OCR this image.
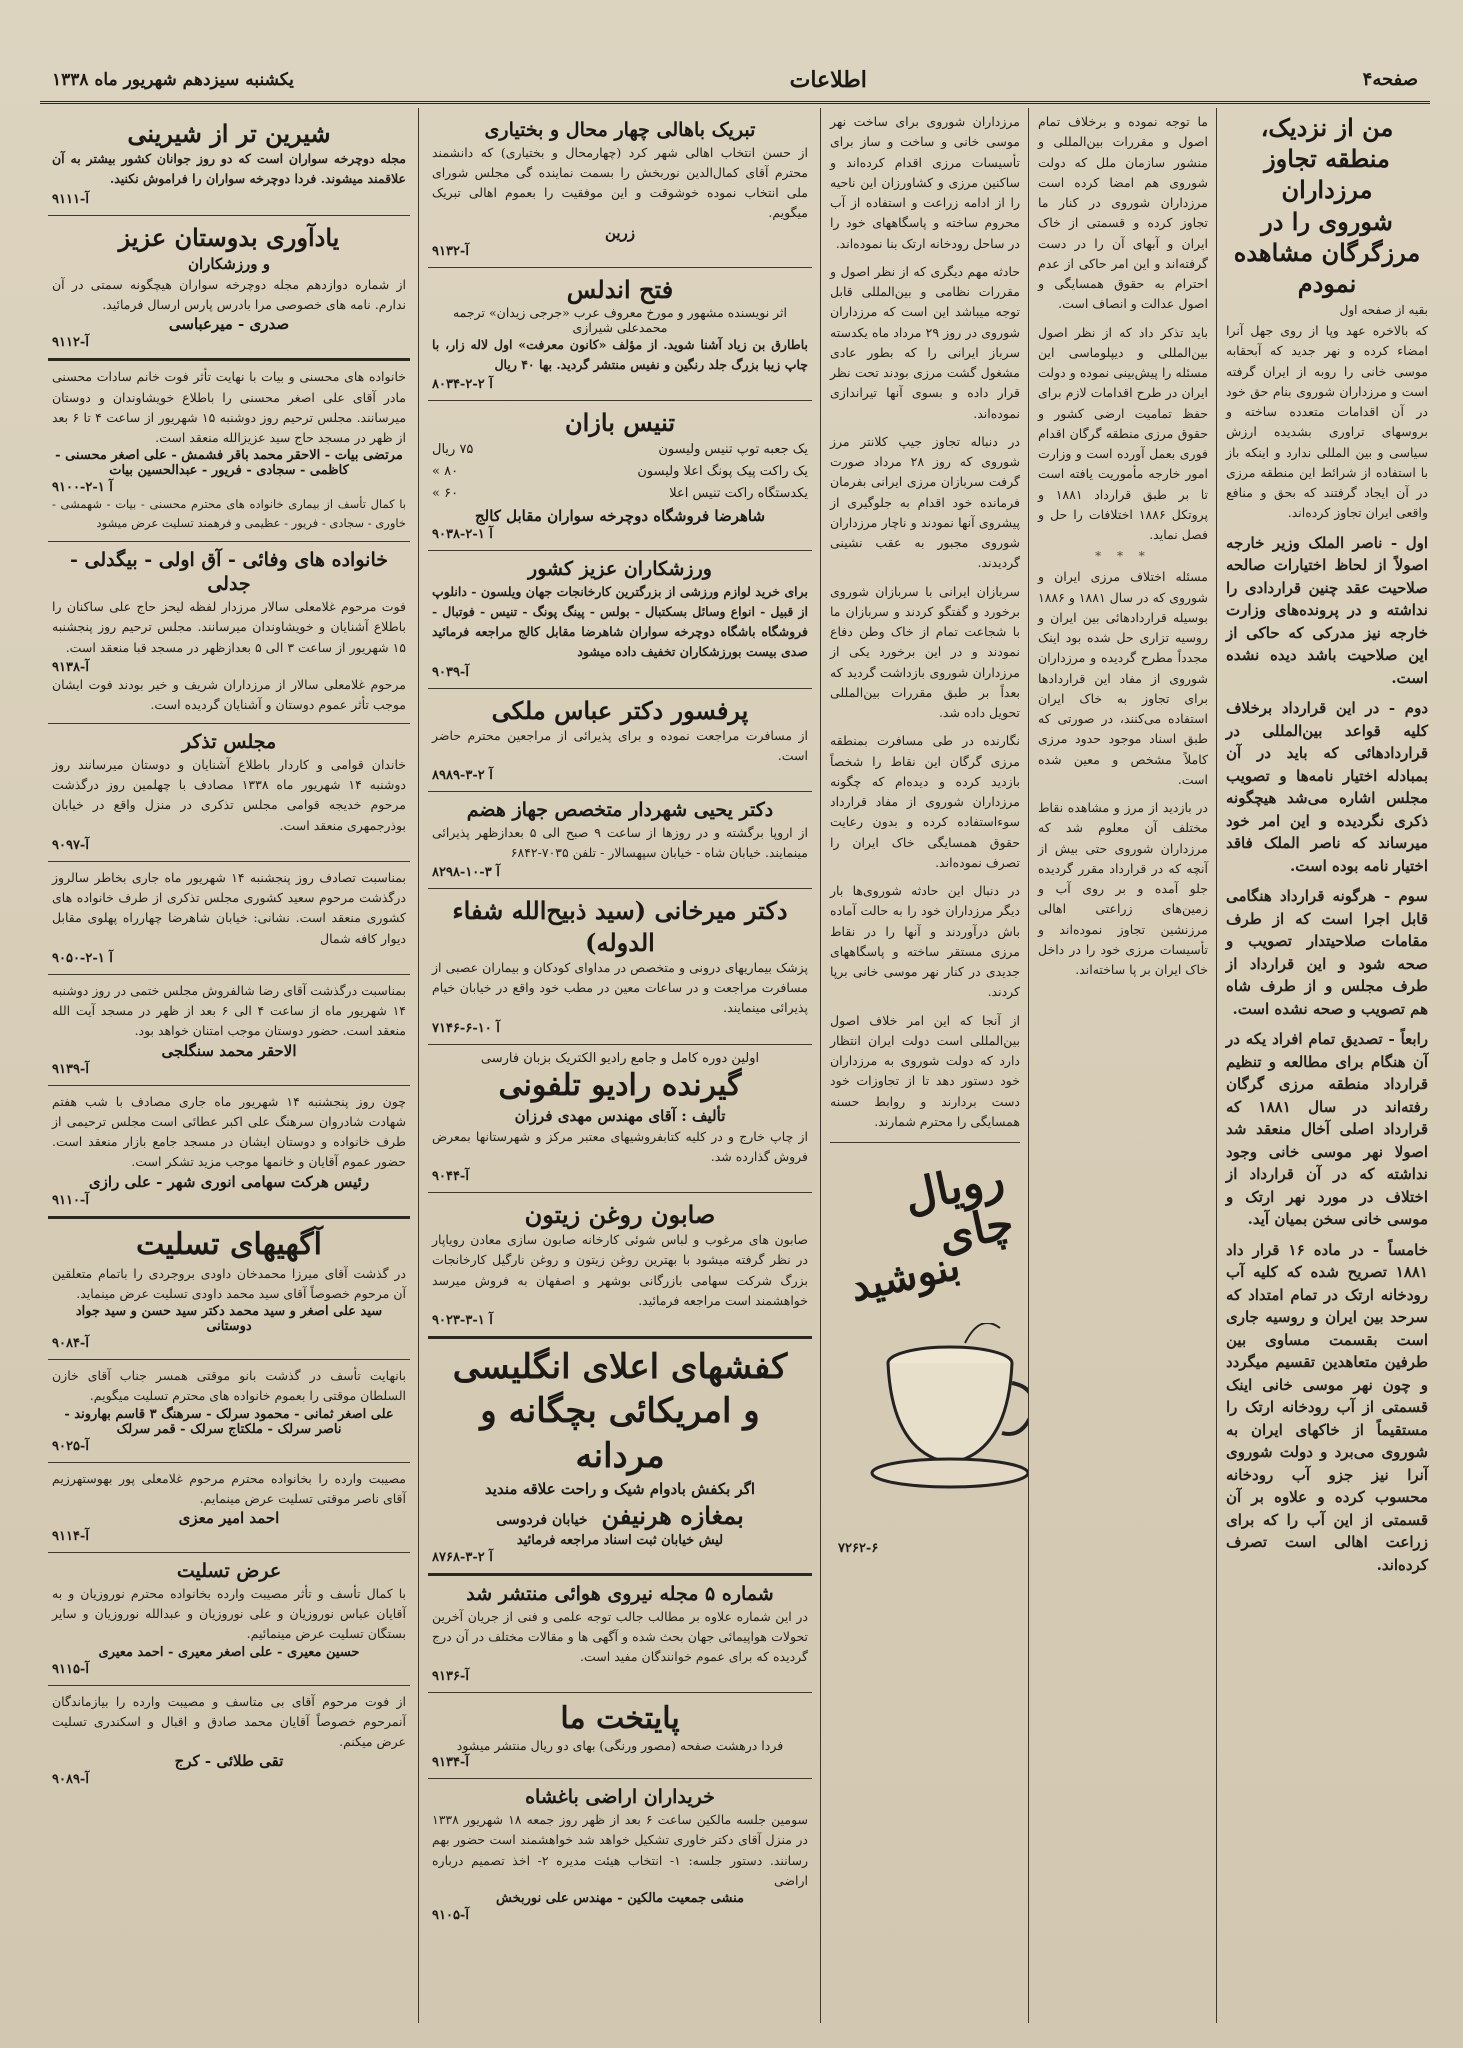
صفحه۴
اطلاعات
یکشنبه سیزدهم شهریور ماه ۱۳۳۸
من از نزدیک، منطقه تجاوز مرزداران
شوروی را در مرزگرگان مشاهده نمودم
بقیه از صفحه اول

که بالاخره عهد وپا از روی جهل آنرا امضاء کرده و نهر جدید که آبحقابه موسی خانی را روبه از ایران گرفته است و مرزداران شوروی بنام حق خود در آن اقدامات متعدده ساخته و بروسهای تراوری بشدیده ارزش سیاسی و بین المللی ندارد و اینکه باز با استفاده از شرائط این منطقه مرزی در آن ایجاد گرفتند که بحق و منافع واقعی ایران تجاوز کرده‌اند.

اول - ناصر الملک وزیر خارجه اصولاً از لحاظ اختیارات صالحه صلاحیت عقد چنین قراردادی را نداشته و در پرونده‌های وزارت خارجه نیز مدرکی که حاکی از این صلاحیت باشد دیده نشده است.

دوم - در این قرارداد برخلاف کلیه قواعد بین‌المللی در قراردادهائی که باید در آن بمبادله اختیار نامه‌ها و تصویب مجلس اشاره می‌شد هیچگونه ذکری نگردیده و این امر خود میرساند که ناصر الملک فاقد اختیار نامه بوده است.

سوم - هرگونه قرارداد هنگامی قابل اجرا است که از طرف مقامات صلاحیتدار تصویب و صحه شود و این قرارداد از طرف مجلس و از طرف شاه هم تصویب و صحه نشده است.

رابعاً - تصدیق تمام افراد یکه در آن هنگام برای مطالعه و تنظیم قرارداد منطقه مرزی گرگان رفته‌اند در سال ۱۸۸۱ که قرارداد اصلی آخال منعقد شد اصولا نهر موسی خانی وجود نداشته که در آن قرارداد از اختلاف در مورد نهر ارتک و موسی خانی سخن بمیان آید.

خامساً - در ماده ۱۶ قرار داد ۱۸۸۱ تصریح شده که کلیه آب رودخانه ارتک در تمام امتداد که سرحد بین ایران و روسیه جاری است بقسمت مساوی بین طرفین متعاهدین تقسیم میگردد و چون نهر موسی خانی اینک قسمتی از آب رودخانه ارتک را مستقیماً از خاکهای ایران به شوروی می‌برد و دولت شوروی آنرا نیز جزو آب رودخانه محسوب کرده و علاوه بر آن قسمتی از این آب را که برای زراعت اهالی است تصرف کرده‌اند.

ما توجه نموده و برخلاف تمام اصول و مقررات بین‌المللی و منشور سازمان ملل که دولت شوروی هم امضا کرده است مرزداران شوروی در کنار ما تجاوز کرده و قسمتی از خاک ایران و آبهای آن را در دست گرفته‌اند و این امر حاکی از عدم احترام به حقوق همسایگی و اصول عدالت و انصاف است.

باید تذکر داد که از نظر اصول بین‌المللی و دیپلوماسی این مسئله را پیش‌بینی نموده و دولت ایران در طرح اقدامات لازم برای حفظ تمامیت ارضی کشور و حقوق مرزی منطقه گرگان اقدام فوری بعمل آورده است و وزارت امور خارجه مأموریت یافته است تا بر طبق قرارداد ۱۸۸۱ و پروتکل ۱۸۸۶ اختلافات را حل و فصل نماید.

* * *

مسئله اختلاف مرزی ایران و شوروی که در سال ۱۸۸۱ و ۱۸۸۶ بوسیله قراردادهائی بین ایران و روسیه تزاری حل شده بود اینک مجدداً مطرح گردیده و مرزداران شوروی از مفاد این قراردادها برای تجاوز به خاک ایران استفاده می‌کنند، در صورتی که طبق اسناد موجود حدود مرزی کاملاً مشخص و معین شده است.

در بازدید از مرز و مشاهده نقاط مختلف آن معلوم شد که مرزداران شوروی حتی بیش از آنچه که در قرارداد مقرر گردیده جلو آمده و بر روی آب و زمین‌های زراعتی اهالی مرزنشین تجاوز نموده‌اند و تأسیسات مرزی خود را در داخل خاک ایران بر پا ساخته‌اند.

مرزداران شوروی برای ساخت نهر موسی خانی و ساخت و ساز برای تأسیسات مرزی اقدام کرده‌اند و ساکنین مرزی و کشاورزان این ناحیه را از ادامه زراعت و استفاده از آب محروم ساخته و پاسگاههای خود را در ساحل رودخانه ارتک بنا نموده‌اند.

حادثه مهم دیگری که از نظر اصول و مقررات نظامی و بین‌المللی قابل توجه میباشد این است که مرزداران شوروی در روز ۲۹ مرداد ماه یکدسته سرباز ایرانی را که بطور عادی مشغول گشت مرزی بودند تحت نظر قرار داده و بسوی آنها تیراندازی نموده‌اند.

در دنباله تجاوز جیپ کلانتر مرز شوروی که روز ۲۸ مرداد صورت گرفت سربازان مرزی ایرانی بفرمان فرمانده خود اقدام به جلوگیری از پیشروی آنها نمودند و ناچار مرزداران شوروی مجبور به عقب نشینی گردیدند.

سربازان ایرانی با سربازان شوروی برخورد و گفتگو کردند و سربازان ما با شجاعت تمام از خاک وطن دفاع نمودند و در این برخورد یکی از مرزداران شوروی بازداشت گردید که بعداً بر طبق مقررات بین‌المللی تحویل داده شد.

نگارنده در طی مسافرت بمنطقه مرزی گرگان این نقاط را شخصاً بازدید کرده و دیده‌ام که چگونه مرزداران شوروی از مفاد قرارداد سوءاستفاده کرده و بدون رعایت حقوق همسایگی خاک ایران را تصرف نموده‌اند.

در دنبال این حادثه شوروی‌ها بار دیگر مرزداران خود را به حالت آماده باش درآوردند و آنها را در نقاط مرزی مستقر ساخته و پاسگاههای جدیدی در کنار نهر موسی خانی برپا کردند.

از آنجا که این امر خلاف اصول بین‌المللی است دولت ایران انتظار دارد که دولت شوروی به مرزداران خود دستور دهد تا از تجاوزات خود دست بردارند و روابط حسنه همسایگی را محترم شمارند.

رویال چای
بنوشید
۷۲۶۲-۶
تبریک باهالی چهار محال و بختیاری

از حسن انتخاب اهالی شهر کرد (چهارمحال و بختیاری) که دانشمند محترم آقای کمال‌الدین نوربخش را بسمت نماینده گی مجلس شورای ملی انتخاب نموده خوشوقت و این موفقیت را بعموم اهالی تبریک میگویم.

زرین
۹۱۳۲-آ
فتح اندلس
اثر نویسنده مشهور و مورخ معروف عرب «جرجی زیدان» ترجمه محمدعلی شیرازی

باطارق بن زیاد آشنا شوید. از مؤلف «کانون معرفت» اول لاله زار، با چاپ زیبا بزرگ جلد رنگین و نفیس منتشر گردید. بها ۴۰ ریال

۸۰۳۴-آ ۲-۲
تنیس بازان
یک جعبه توپ تنیس ولیسون
۷۵ ریال
یک راکت پیک پونگ اعلا ولیسون
۸۰ »
یکدستگاه راکت تنیس اعلا
۶۰ »
شاهرضا فروشگاه دوچرخه سواران مقابل کالج
۹۰۳۸-آ ۱-۲
ورزشکاران عزیز کشور

برای خرید لوازم ورزشی از بزرگترین کارخانجات جهان ویلسون - دانلوپ از قبیل - انواع وسائل بسکتبال - بولس - پینگ پونگ - تنیس - فوتبال - فروشگاه باشگاه دوچرخه سواران شاهرضا مقابل کالج مراجعه فرمائید صدی بیست بورزشکاران تخفیف داده میشود

۹۰۳۹-آ
پرفسور دکتر عباس ملکی

از مسافرت مراجعت نموده و برای پذیرائی از مراجعین محترم حاضر است.

۸۹۸۹-آ ۲-۳
دکتر یحیی شهردار متخصص جهاز هضم

از اروپا برگشته و در روزها از ساعت ۹ صبح الی ۵ بعدازظهر پذیرائی مینمایند. خیابان شاه - خیابان سپهسالار - تلفن ۷۰۳۵-۶۸۴۲

۸۲۹۸-آ ۳-۱۰
دکتر میرخانی (سید ذبیح‌الله شفاء الدوله)

پزشک بیماریهای درونی و متخصص در مداوای کودکان و بیماران عصبی از مسافرت مراجعت و در ساعات معین در مطب خود واقع در خیابان خیام پذیرائی مینمایند.

۷۱۴۶-آ ۱۰-۶
اولین دوره کامل و جامع رادیو الکتریک بزبان فارسی
گیرنده رادیو تلفونی
تألیف : آقای مهندس مهدی فرزان

از چاپ خارج و در کلیه کتابفروشیهای معتبر مرکز و شهرستانها بمعرض فروش گذارده شد.

۹۰۴۴-آ
صابون روغن زیتون

صابون های مرغوب و لباس شوئی کارخانه صابون سازی معادن رویاپار در نظر گرفته میشود با بهترین روغن زیتون و روغن نارگیل کارخانجات بزرگ شرکت سهامی بازرگانی بوشهر و اصفهان به فروش میرسد خواهشمند است مراجعه فرمائید.

۹۰۲۳-آ ۱-۳
کفشهای اعلای انگلیسی
و امریکائی بچگانه و مردانه
اگر بکفش بادوام شیک و راحت علاقه مندید
بمغازه هرنیفن
خیابان فردوسی
لیش خیابان ثبت اسناد مراجعه فرمائید
۸۷۶۸-آ ۲-۳
شماره ۵ مجله نیروی هوائی منتشر شد

در این شماره علاوه بر مطالب جالب توجه علمی و فنی از جریان آخرین تحولات هواپیمائی جهان بحث شده و آگهی ها و مقالات مختلف در آن درج گردیده که برای عموم خوانندگان مفید است.

۹۱۳۶-آ
پایتخت ما
فردا درهشت صفحه (مصور ورنگی) بهای دو ریال منتشر میشود
۹۱۳۴-آ
خریداران اراضی باغشاه

سومین جلسه مالکین ساعت ۶ بعد از ظهر روز جمعه ۱۸ شهریور ۱۳۳۸ در منزل آقای دکتر خاوری تشکیل خواهد شد خواهشمند است حضور بهم رسانند. دستور جلسه: ۱- انتخاب هیئت مدیره ۲- اخذ تصمیم درباره اراضی

منشی جمعیت مالکین - مهندس علی نوربخش
۹۱۰۵-آ
شیرین تر از شیرینی

مجله دوچرخه سواران است که دو روز جوانان کشور بیشتر به آن علاقمند میشوند. فردا دوچرخه سواران را فراموش نکنید.

۹۱۱۱-آ
یادآوری بدوستان عزیز
و ورزشکاران

از شماره دوازدهم مجله دوچرخه سواران هیچگونه سمتی در آن ندارم. نامه های خصوصی مرا بادرس پارس ارسال فرمائید.

صدری - میرعباسی
۹۱۱۲-آ

خانواده های محسنی و بیات با نهایت تأثر فوت خانم سادات محسنی مادر آقای علی اصغر محسنی را باطلاع خویشاوندان و دوستان میرسانند. مجلس ترحیم روز دوشنبه ۱۵ شهریور از ساعت ۴ تا ۶ بعد از ظهر در مسجد حاج سید عزیزالله منعقد است.

مرتضی بیات - الاحقر محمد باقر فشمش - علی اصغر محسنی - کاظمی - سجادی - فریور - عبدالحسین بیات
۹۱۰۰-آ ۱-۲

با کمال تأسف از بیماری خانواده های محترم محسنی - بیات - شهمشی - خاوری - سجادی - فریور - عظیمی و فرهمند تسلیت عرض میشود

خانواده های وفائی - آق اولی - بیگدلی - جدلی

فوت مرحوم غلامعلی سالار مرزدار لفظه لیحز حاج علی ساکنان را باطلاع آشنایان و خویشاوندان میرسانند. مجلس ترحیم روز پنجشنبه ۱۵ شهریور از ساعت ۳ الی ۵ بعدازظهر در مسجد قبا منعقد است.

۹۱۳۸-آ

مرحوم غلامعلی سالار از مرزداران شریف و خیر بودند فوت ایشان موجب تأثر عموم دوستان و آشنایان گردیده است.

مجلس تذکر

خاندان قوامی و کاردار باطلاع آشنایان و دوستان میرسانند روز دوشنبه ۱۴ شهریور ماه ۱۳۳۸ مصادف با چهلمین روز درگذشت مرحوم خدیجه قوامی مجلس تذکری در منزل واقع در خیابان بوذرجمهری منعقد است.

۹۰۹۷-آ

بمناسبت تصادف روز پنجشنبه ۱۴ شهریور ماه جاری بخاطر سالروز درگذشت مرحوم سعید کشوری مجلس تذکری از طرف خانواده های کشوری منعقد است. نشانی: خیابان شاهرضا چهارراه پهلوی مقابل دیوار کافه شمال

۹۰۵۰-آ ۱-۲

بمناسبت درگذشت آقای رضا شالفروش مجلس ختمی در روز دوشنبه ۱۴ شهریور ماه از ساعت ۴ الی ۶ بعد از ظهر در مسجد آیت الله منعقد است. حضور دوستان موجب امتنان خواهد بود.

الاحقر محمد سنگلجی
۹۱۳۹-آ

چون روز پنجشنبه ۱۴ شهریور ماه جاری مصادف با شب هفتم شهادت شادروان سرهنگ علی اکبر عطائی است مجلس ترحیمی از طرف خانواده و دوستان ایشان در مسجد جامع بازار منعقد است. حضور عموم آقایان و خانمها موجب مزید تشکر است.

رئیس هرکت سهامی انوری شهر - علی رازی
۹۱۱۰-آ
آگهیهای تسلیت

در گذشت آقای میرزا محمدخان داودی بروجردی را باتمام متعلقین آن مرحوم خصوصاً آقای سید محمد داودی تسلیت عرض مینماید.

سید علی اصغر و سید محمد دکتر سید حسن و سید جواد دوستانی
۹۰۸۴-آ

بانهایت تأسف در گذشت بانو موقتی همسر جناب آقای خازن السلطان موقتی را بعموم خانواده های محترم تسلیت میگویم.

علی اصغر ثمانی - محمود سرلک - سرهنگ ۳ قاسم بهاروند - ناصر سرلک - ملکتاج سرلک - قمر سرلک
۹۰۲۵-آ

مصیبت وارده را بخانواده محترم مرحوم غلامعلی پور بهوستهرزیم آقای ناصر موقتی تسلیت عرض مینمایم.

احمد امیر معزی
۹۱۱۴-آ
عرض تسلیت

با کمال تأسف و تأثر مصیبت وارده بخانواده محترم نوروزیان و به آقایان عباس نوروزیان و علی نوروزیان و عبدالله نوروزیان و سایر بستگان تسلیت عرض مینمائیم.

حسین معیری - علی اصغر معیری - احمد معیری
۹۱۱۵-آ

از فوت مرحوم آقای بی متاسف و مصیبت وارده را بیازماندگان آنمرحوم خصوصاً آقایان محمد صادق و اقبال و اسکندری تسلیت عرض میکنم.

تقی طلائی - کرج
۹۰۸۹-آ
